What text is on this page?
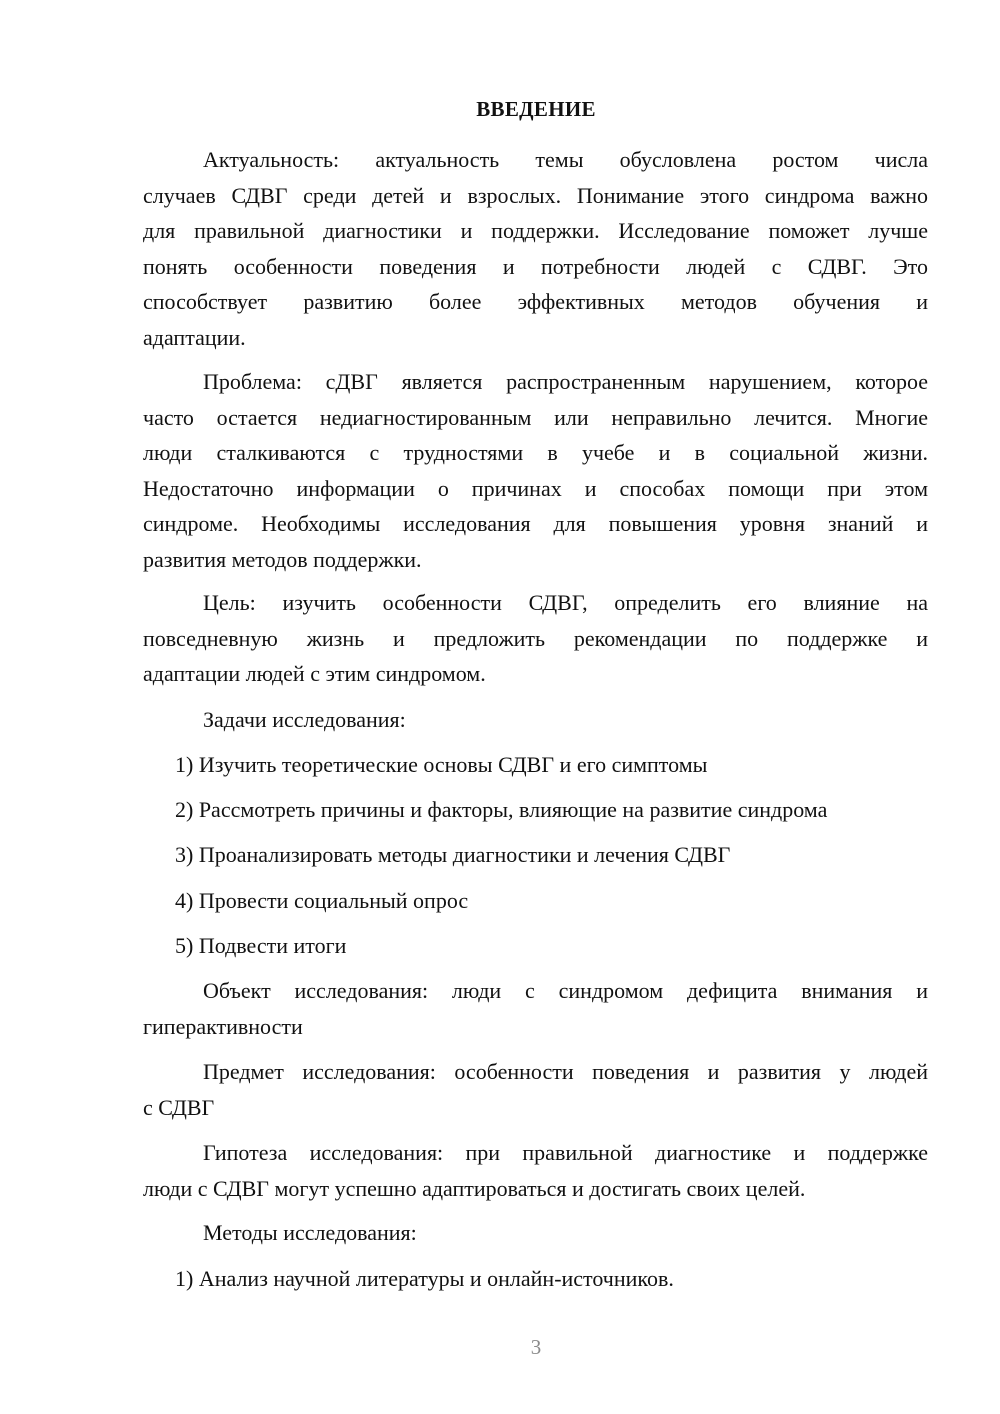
ВВЕДЕНИЕ
Актуальность: актуальность темы обусловлена ростом числа
случаев СДВГ среди детей и взрослых. Понимание этого синдрома важно
для правильной диагностики и поддержки. Исследование поможет лучше
понять особенности поведения и потребности людей с СДВГ. Это
способствует развитию более эффективных методов обучения и
адаптации.
Проблема: сДВГ является распространенным нарушением, которое
часто остается недиагностированным или неправильно лечится. Многие
люди сталкиваются с трудностями в учебе и в социальной жизни.
Недостаточно информации о причинах и способах помощи при этом
синдроме. Необходимы исследования для повышения уровня знаний и
развития методов поддержки.
Цель: изучить особенности СДВГ, определить его влияние на
повседневную жизнь и предложить рекомендации по поддержке и
адаптации людей с этим синдромом.
Задачи исследования:
1) Изучить теоретические основы СДВГ и его симптомы
2) Рассмотреть причины и факторы, влияющие на развитие синдрома
3) Проанализировать методы диагностики и лечения СДВГ
4) Провести социальный опрос
5) Подвести итоги
Объект исследования: люди с синдромом дефицита внимания и
гиперактивности
Предмет исследования: особенности поведения и развития у людей
с СДВГ
Гипотеза исследования: при правильной диагностике и поддержке
люди с СДВГ могут успешно адаптироваться и достигать своих целей.
Методы исследования:
1) Анализ научной литературы и онлайн-источников.
3
